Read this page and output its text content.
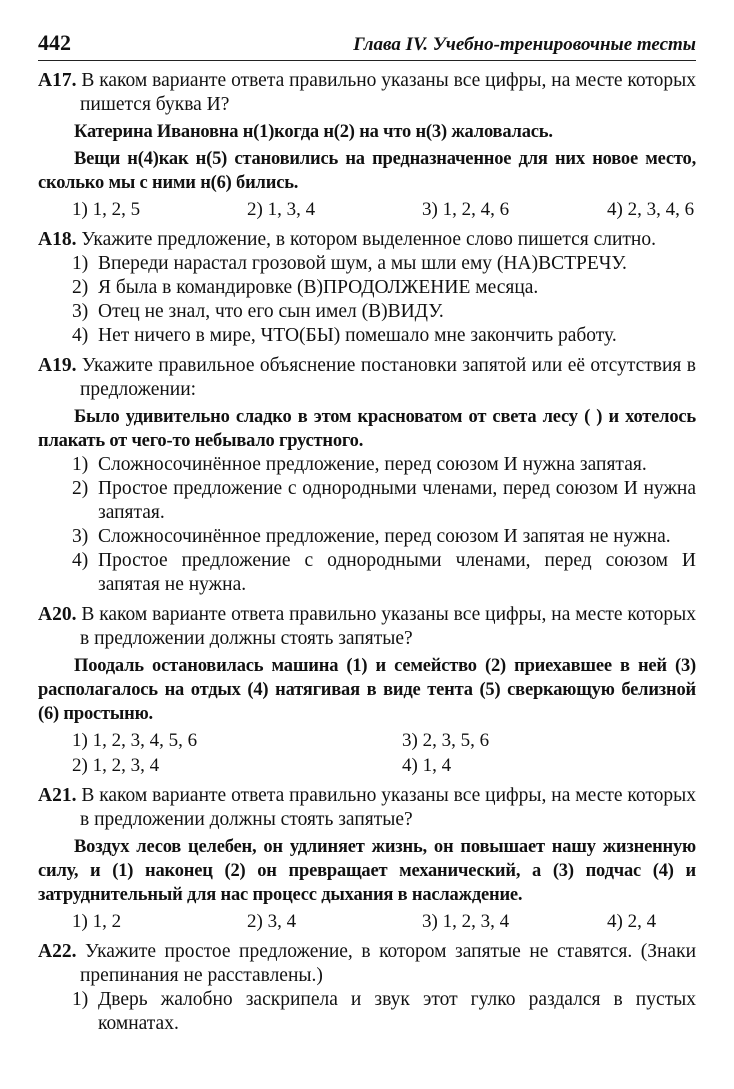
442	Глава IV. Учебно-тренировочные тесты
А17. В каком варианте ответа правильно указаны все цифры, на месте которых пишется буква И?
Катерина Ивановна н(1)когда н(2) на что н(3) жаловалась.
Вещи н(4)как н(5) становились на предназначенное для них новое место, сколько мы с ними н(6) бились.
1) 1, 2, 5	2) 1, 3, 4	3) 1, 2, 4, 6	4) 2, 3, 4, 6
А18. Укажите предложение, в котором выделенное слово пишется слитно.
1) Впереди нарастал грозовой шум, а мы шли ему (НА)ВСТРЕЧУ.
2) Я была в командировке (В)ПРОДОЛЖЕНИЕ месяца.
3) Отец не знал, что его сын имел (В)ВИДУ.
4) Нет ничего в мире, ЧТО(БЫ) помешало мне закончить работу.
А19. Укажите правильное объяснение постановки запятой или её отсутствия в предложении:
Было удивительно сладко в этом красноватом от света лесу ( ) и хотелось плакать от чего-то небывало грустного.
1) Сложносочинённое предложение, перед союзом И нужна запятая.
2) Простое предложение с однородными членами, перед союзом И нужна запятая.
3) Сложносочинённое предложение, перед союзом И запятая не нужна.
4) Простое предложение с однородными членами, перед союзом И запятая не нужна.
А20. В каком варианте ответа правильно указаны все цифры, на месте которых в предложении должны стоять запятые?
Поодаль остановилась машина (1) и семейство (2) приехавшее в ней (3) располагалось на отдых (4) натягивая в виде тента (5) сверкающую белизной (6) простыню.
1) 1, 2, 3, 4, 5, 6	3) 2, 3, 5, 6
2) 1, 2, 3, 4	4) 1, 4
А21. В каком варианте ответа правильно указаны все цифры, на месте которых в предложении должны стоять запятые?
Воздух лесов целебен, он удлиняет жизнь, он повышает нашу жизненную силу, и (1) наконец (2) он превращает механический, а (3) подчас (4) и затруднительный для нас процесс дыхания в наслаждение.
1) 1, 2	2) 3, 4	3) 1, 2, 3, 4	4) 2, 4
А22. Укажите простое предложение, в котором запятые не ставятся. (Знаки препинания не расставлены.)
1) Дверь жалобно заскрипела и звук этот гулко раздался в пустых комнатах.
